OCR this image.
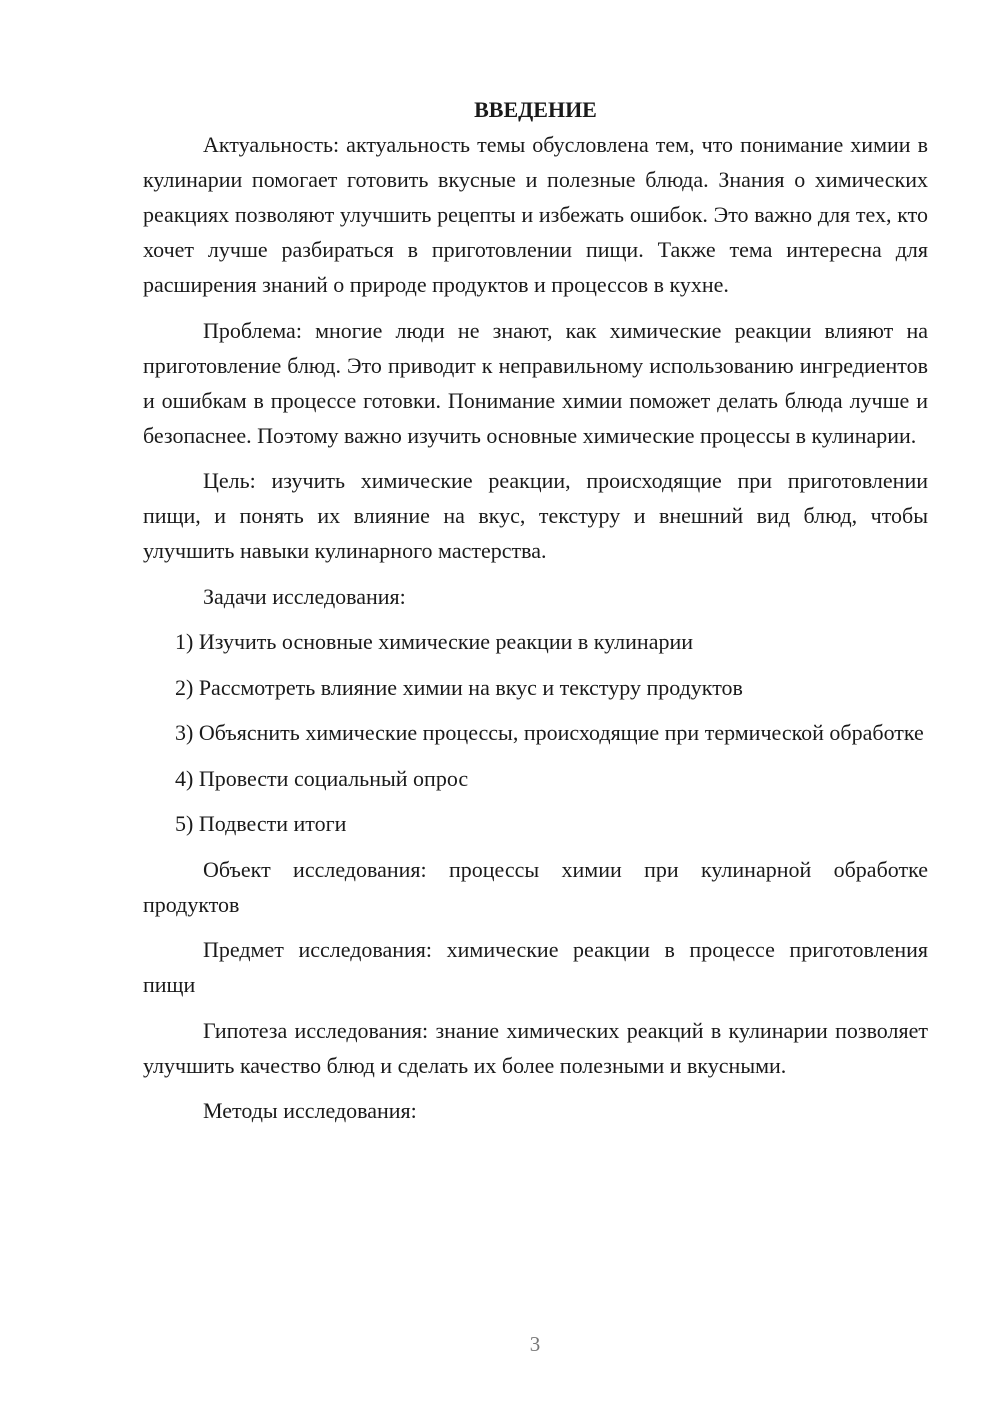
ВВЕДЕНИЕ

Актуальность: актуальность темы обусловлена тем, что понимание химии в кулинарии помогает готовить вкусные и полезные блюда. Знания о химических реакциях позволяют улучшить рецепты и избежать ошибок. Это важно для тех, кто хочет лучше разбираться в приготовлении пищи. Также тема интересна для расширения знаний о природе продуктов и процессов в кухне.

Проблема: многие люди не знают, как химические реакции влияют на приготовление блюд. Это приводит к неправильному использованию ингредиентов и ошибкам в процессе готовки. Понимание химии поможет делать блюда лучше и безопаснее. Поэтому важно изучить основные химические процессы в кулинарии.

Цель: изучить химические реакции, происходящие при приготовлении пищи, и понять их влияние на вкус, текстуру и внешний вид блюд, чтобы улучшить навыки кулинарного мастерства.

Задачи исследования:

1) Изучить основные химические реакции в кулинарии

2) Рассмотреть влияние химии на вкус и текстуру продуктов

3) Объяснить химические процессы, происходящие при термической обработке

4) Провести социальный опрос

5) Подвести итоги

Объект исследования: процессы химии при кулинарной обработке продуктов

Предмет исследования: химические реакции в процессе приготовления пищи

Гипотеза исследования: знание химических реакций в кулинарии позволяет улучшить качество блюд и сделать их более полезными и вкусными.

Методы исследования:

3
